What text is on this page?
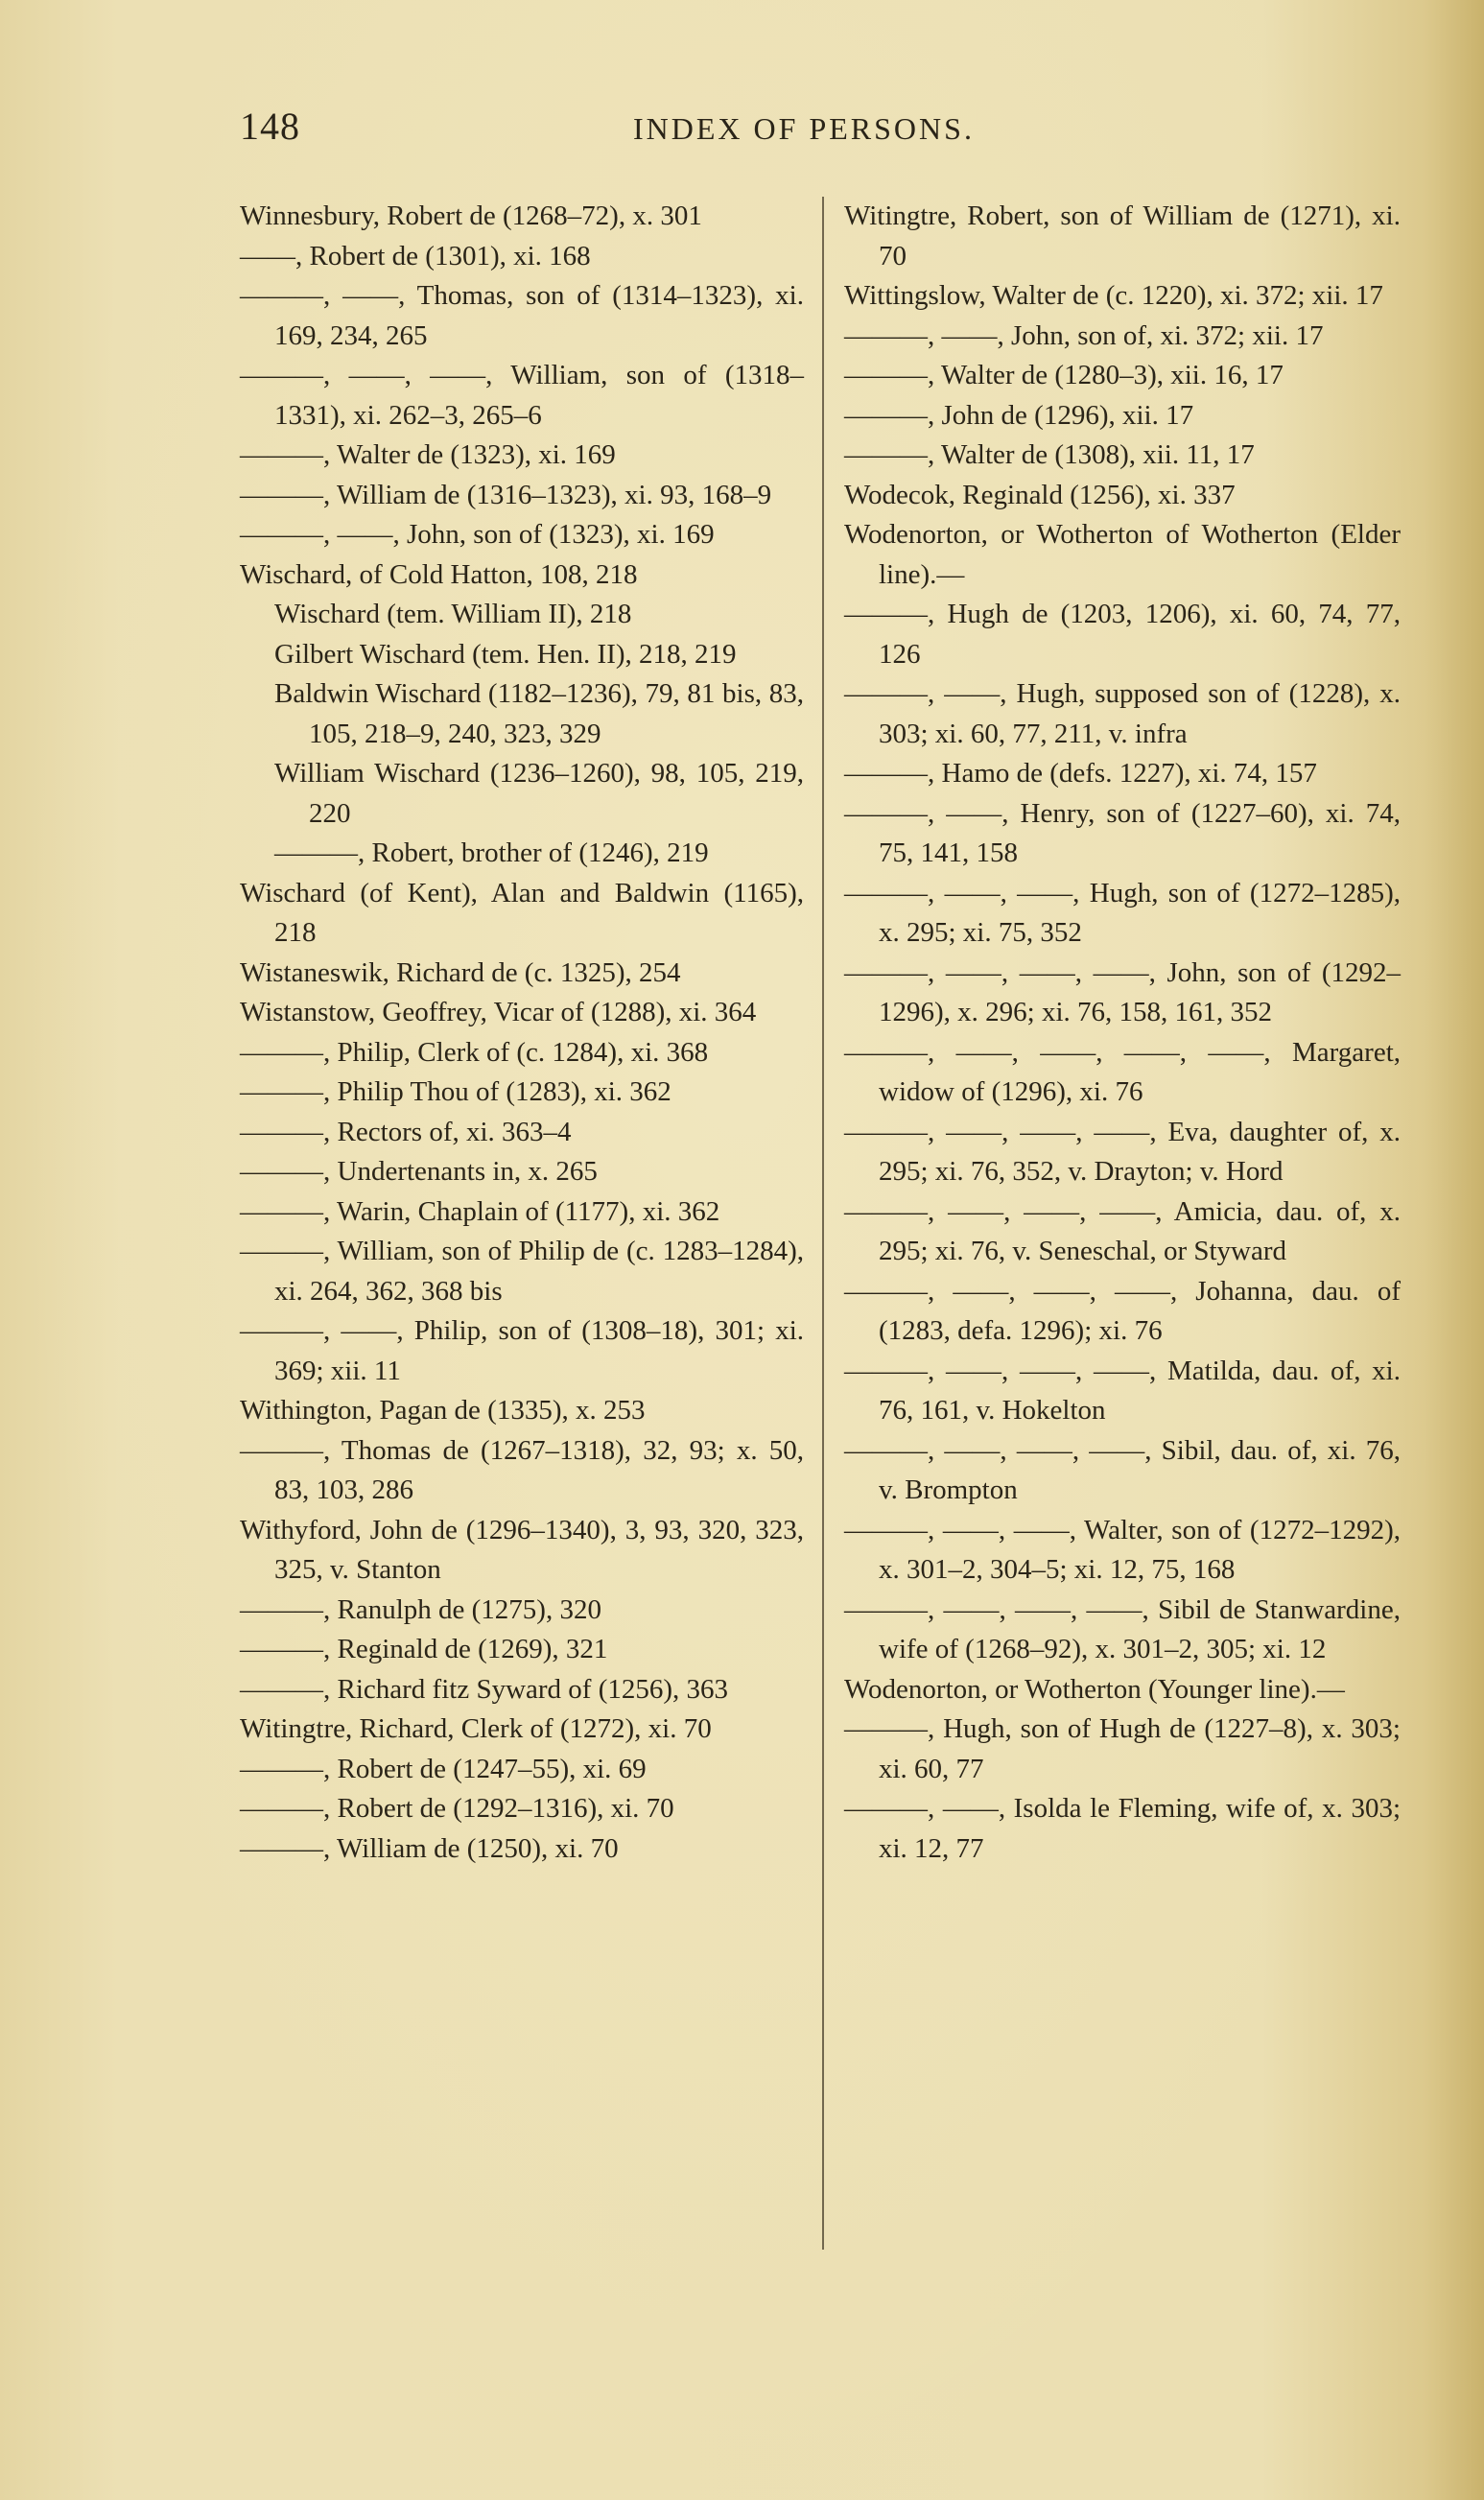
148	INDEX OF PERSONS.

Winnesbury, Robert de (1268–72), x. 301

——, Robert de (1301), xi. 168

———, ——, Thomas, son of (1314–1323), xi. 169, 234, 265

———, ——, ——, William, son of (1318–1331), xi. 262–3, 265–6

———, Walter de (1323), xi. 169

———, William de (1316–1323), xi. 93, 168–9

———, ——, John, son of (1323), xi. 169

Wischard, of Cold Hatton, 108, 218

Wischard (tem. William II), 218

Gilbert Wischard (tem. Hen. II), 218, 219

Baldwin Wischard (1182–1236), 79, 81 bis, 83, 105, 218–9, 240, 323, 329

William Wischard (1236–1260), 98, 105, 219, 220

———, Robert, brother of (1246), 219

Wischard (of Kent), Alan and Baldwin (1165), 218

Wistaneswik, Richard de (c. 1325), 254

Wistanstow, Geoffrey, Vicar of (1288), xi. 364

———, Philip, Clerk of (c. 1284), xi. 368

———, Philip Thou of (1283), xi. 362

———, Rectors of, xi. 363–4

———, Undertenants in, x. 265

———, Warin, Chaplain of (1177), xi. 362

———, William, son of Philip de (c. 1283–1284), xi. 264, 362, 368 bis

———, ——, Philip, son of (1308–18), 301; xi. 369; xii. 11

Withington, Pagan de (1335), x. 253

———, Thomas de (1267–1318), 32, 93; x. 50, 83, 103, 286

Withyford, John de (1296–1340), 3, 93, 320, 323, 325, v. Stanton

———, Ranulph de (1275), 320

———, Reginald de (1269), 321

———, Richard fitz Syward of (1256), 363

Witingtre, Richard, Clerk of (1272), xi. 70

———, Robert de (1247–55), xi. 69

———, Robert de (1292–1316), xi. 70

———, William de (1250), xi. 70

Witingtre, Robert, son of William de (1271), xi. 70

Wittingslow, Walter de (c. 1220), xi. 372; xii. 17

———, ——, John, son of, xi. 372; xii. 17

———, Walter de (1280–3), xii. 16, 17

———, John de (1296), xii. 17

———, Walter de (1308), xii. 11, 17

Wodecok, Reginald (1256), xi. 337

Wodenorton, or Wotherton of Wotherton (Elder line).—

———, Hugh de (1203, 1206), xi. 60, 74, 77, 126

———, ——, Hugh, supposed son of (1228), x. 303; xi. 60, 77, 211, v. infra

———, Hamo de (defs. 1227), xi. 74, 157

———, ——, Henry, son of (1227–60), xi. 74, 75, 141, 158

———, ——, ——, Hugh, son of (1272–1285), x. 295; xi. 75, 352

———, ——, ——, ——, John, son of (1292–1296), x. 296; xi. 76, 158, 161, 352

———, ——, ——, ——, ——, Margaret, widow of (1296), xi. 76

———, ——, ——, ——, Eva, daughter of, x. 295; xi. 76, 352, v. Drayton; v. Hord

———, ——, ——, ——, Amicia, dau. of, x. 295; xi. 76, v. Seneschal, or Styward

———, ——, ——, ——, Johanna, dau. of (1283, defa. 1296); xi. 76

———, ——, ——, ——, Matilda, dau. of, xi. 76, 161, v. Hokelton

———, ——, ——, ——, Sibil, dau. of, xi. 76, v. Brompton

———, ——, ——, Walter, son of (1272–1292), x. 301–2, 304–5; xi. 12, 75, 168

———, ——, ——, ——, Sibil de Stanwardine, wife of (1268–92), x. 301–2, 305; xi. 12

Wodenorton, or Wotherton (Younger line).—

———, Hugh, son of Hugh de (1227–8), x. 303; xi. 60, 77

———, ——, Isolda le Fleming, wife of, x. 303; xi. 12, 77
